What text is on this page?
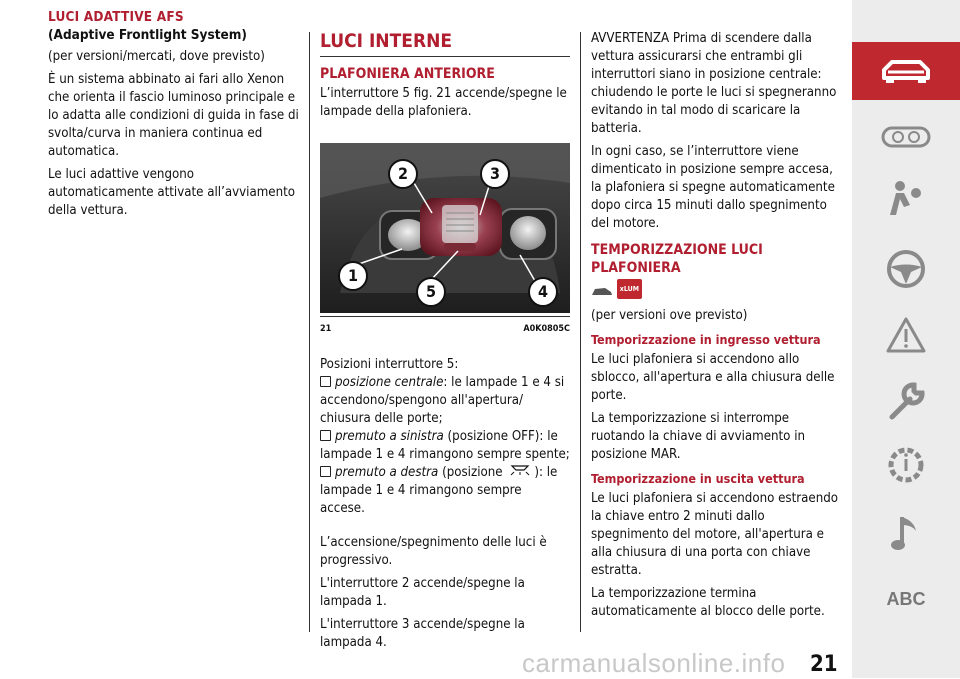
LUCI ADATTIVE AFS
(Adaptive Frontlight System)

(per versioni/mercati, dove previsto)

È un sistema abbinato ai fari allo Xenon che orienta il fascio luminoso principale e lo adatta alle condizioni di guida in fase di svolta/curva in maniera continua ed automatica.

Le luci adattive vengono automaticamente attivate all’avviamento della vettura.

LUCI INTERNE
PLAFONIERA ANTERIORE

L’interruttore 5 fig. 21 accende/spegne le lampade della plafoniera.

1
2	3
4
5
21	A0K0805C

Posizioni interruttore 5:

posizione centrale: le lampade 1 e 4 si accendono/spengono all'apertura/ chiusura delle porte;

premuto a sinistra (posizione OFF): le lampade 1 e 4 rimangono sempre spente;

premuto a destra (posizione ): le lampade 1 e 4 rimangono sempre accese.

L’accensione/spegnimento delle luci è progressivo.

L'interruttore 2 accende/spegne la lampada 1.

L'interruttore 3 accende/spegne la lampada 4.

AVVERTENZA Prima di scendere dalla vettura assicurarsi che entrambi gli interruttori siano in posizione centrale: chiudendo le porte le luci si spegneranno evitando in tal modo di scaricare la batteria.

In ogni caso, se l’interruttore viene dimenticato in posizione sempre accesa, la plafoniera si spegne automaticamente dopo circa 15 minuti dallo spegnimento del motore.

TEMPORIZZAZIONE LUCI PLAFONIERA
xLUM

(per versioni ove previsto)

Temporizzazione in ingresso vettura

Le luci plafoniera si accendono allo sblocco, all'apertura e alla chiusura delle porte.

La temporizzazione si interrompe ruotando la chiave di avviamento in posizione MAR.

Temporizzazione in uscita vettura

Le luci plafoniera si accendono estraendo la chiave entro 2 minuti dallo spegnimento del motore, all'apertura e alla chiusura di una porta con chiave estratta.

La temporizzazione termina automaticamente al blocco delle porte.

ABC
carmanualsonline.info 21
